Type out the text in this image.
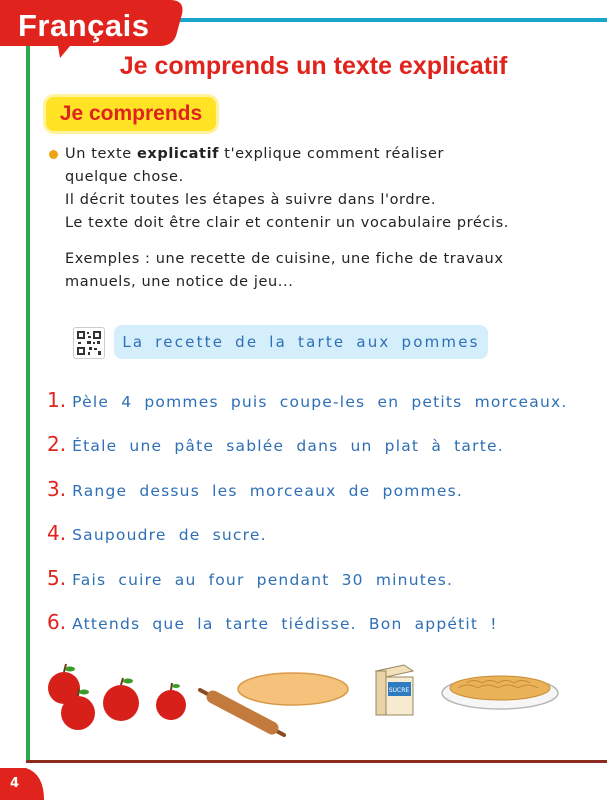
Français
Je comprends un texte explicatif
Je comprends
Un texte explicatif t'explique comment réaliser
quelque chose.
Il décrit toutes les étapes à suivre dans l'ordre.
Le texte doit être clair et contenir un vocabulaire précis.
Exemples : une recette de cuisine, une fiche de travaux
manuels, une notice de jeu...
La recette de la tarte aux pommes
1. Pèle 4 pommes puis coupe-les en petits morceaux.
2. Étale une pâte sablée dans un plat à tarte.
3. Range dessus les morceaux de pommes.
4. Saupoudre de sucre.
5. Fais cuire au four pendant 30 minutes.
6. Attends que la tarte tiédisse. Bon appétit !
SUCRE
4
